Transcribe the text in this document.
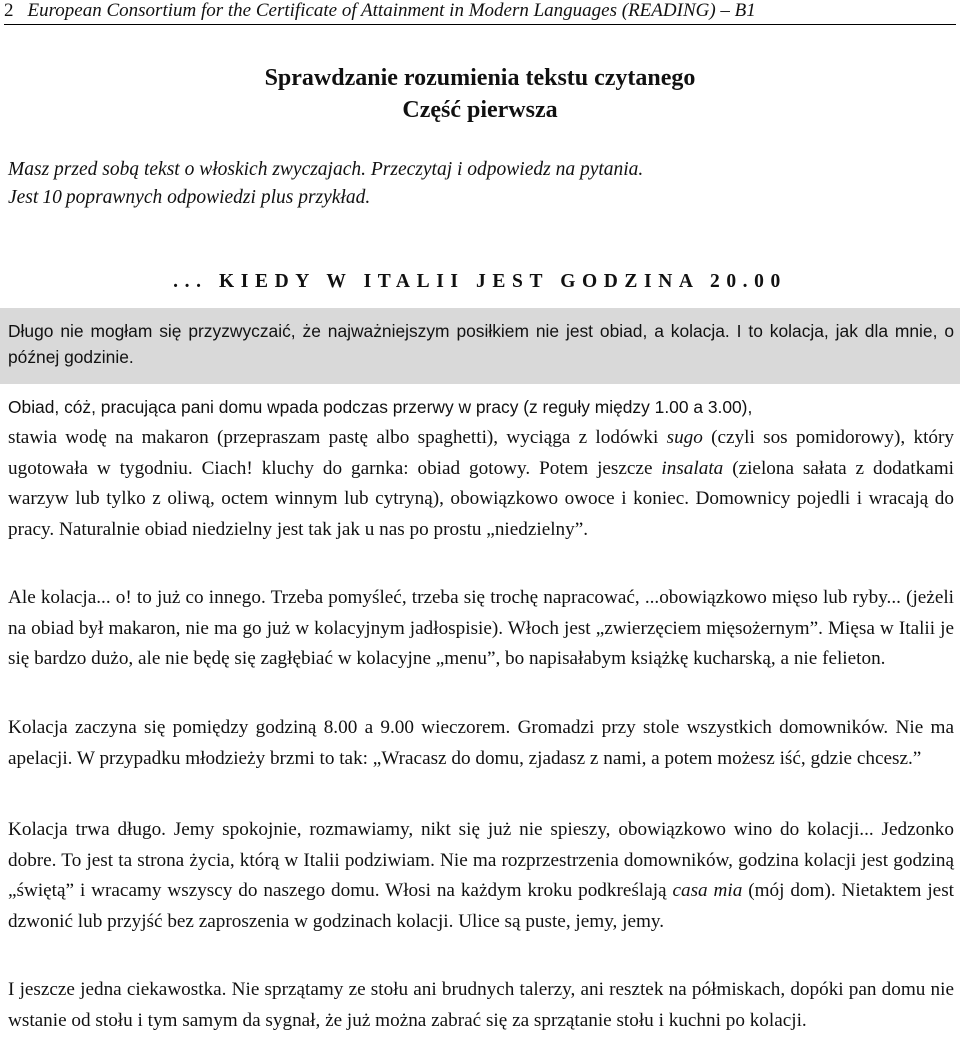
2 European Consortium for the Certificate of Attainment in Modern Languages (READING) – B1
Sprawdzanie rozumienia tekstu czytanego
Część pierwsza
Masz przed sobą tekst o włoskich zwyczajach. Przeczytaj i odpowiedz na pytania.
Jest 10 poprawnych odpowiedzi plus przykład.
... KIEDY W ITALII JEST GODZINA 20.00
Długo nie mogłam się przyzwyczaić, że najważniejszym posiłkiem nie jest obiad, a kolacja. I to kolacja, jak dla mnie, o późnej godzinie.
Obiad, cóż, pracująca pani domu wpada podczas przerwy w pracy (z reguły między 1.00 a 3.00),
stawia wodę na makaron (przepraszam pastę albo spaghetti), wyciąga z lodówki sugo (czyli sos pomidorowy), który ugotowała w tygodniu. Ciach! kluchy do garnka: obiad gotowy. Potem jeszcze insalata (zielona sałata z dodatkami warzyw lub tylko z oliwą, octem winnym lub cytryną), obowiązkowo owoce i koniec. Domownicy pojedli i wracają do pracy. Naturalnie obiad niedzielny jest tak jak u nas po prostu „niedzielny”.
Ale kolacja... o! to już co innego. Trzeba pomyśleć, trzeba się trochę napracować, ...obowiązkowo mięso lub ryby... (jeżeli na obiad był makaron, nie ma go już w kolacyjnym jadłospisie). Włoch jest „zwierzęciem mięsożernym”. Mięsa w Italii je się bardzo dużo, ale nie będę się zagłębiać w kolacyjne „menu”, bo napisałabym książkę kucharską, a nie felieton.
Kolacja zaczyna się pomiędzy godziną 8.00 a 9.00 wieczorem. Gromadzi przy stole wszystkich domowników. Nie ma apelacji. W przypadku młodzieży brzmi to tak: „Wracasz do domu, zjadasz z nami, a potem możesz iść, gdzie chcesz.”
Kolacja trwa długo. Jemy spokojnie, rozmawiamy, nikt się już nie spieszy, obowiązkowo wino do kolacji... Jedzonko dobre. To jest ta strona życia, którą w Italii podziwiam. Nie ma rozprzestrzenia domowników, godzina kolacji jest godziną „świętą” i wracamy wszyscy do naszego domu. Włosi na każdym kroku podkreślają casa mia (mój dom). Nietaktem jest dzwonić lub przyjść bez zaproszenia w godzinach kolacji. Ulice są puste, jemy, jemy.
I jeszcze jedna ciekawostka. Nie sprzątamy ze stołu ani brudnych talerzy, ani resztek na półmiskach, dopóki pan domu nie wstanie od stołu i tym samym da sygnał, że już można zabrać się za sprzątanie stołu i kuchni po kolacji.
